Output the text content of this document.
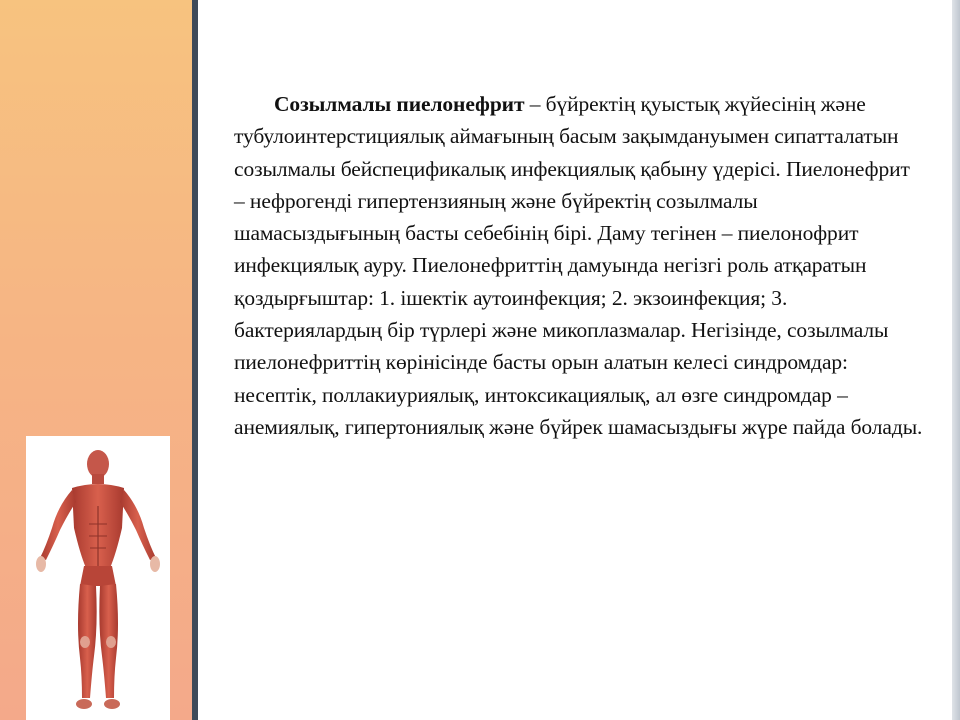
Созылмалы пиелонефрит – бүйректің қуыстық жүйесінің және тубулоинтерстициялық аймағының басым зақымдануымен сипатталатын созылмалы бейспецификалық инфекциялық қабыну үдерісі. Пиелонефрит – нефрогенді гипертензияның және бүйректің созылмалы шамасыздығының басты себебінің бірі. Даму тегінен – пиелонофрит инфекциялық ауру. Пиелонефриттің дамуында негізгі роль атқаратын қоздырғыштар: 1. ішектік аутоинфекция; 2. экзоинфекция; 3. бактериялардың бір түрлері және микоплазмалар. Негізінде, созылмалы пиелонефриттің көрінісінде басты орын алатын келесі синдромдар: несептік, поллакиуриялық, интоксикациялық, ал өзге синдромдар – анемиялық, гипертониялық және бүйрек шамасыздығы жүре пайда болады.
